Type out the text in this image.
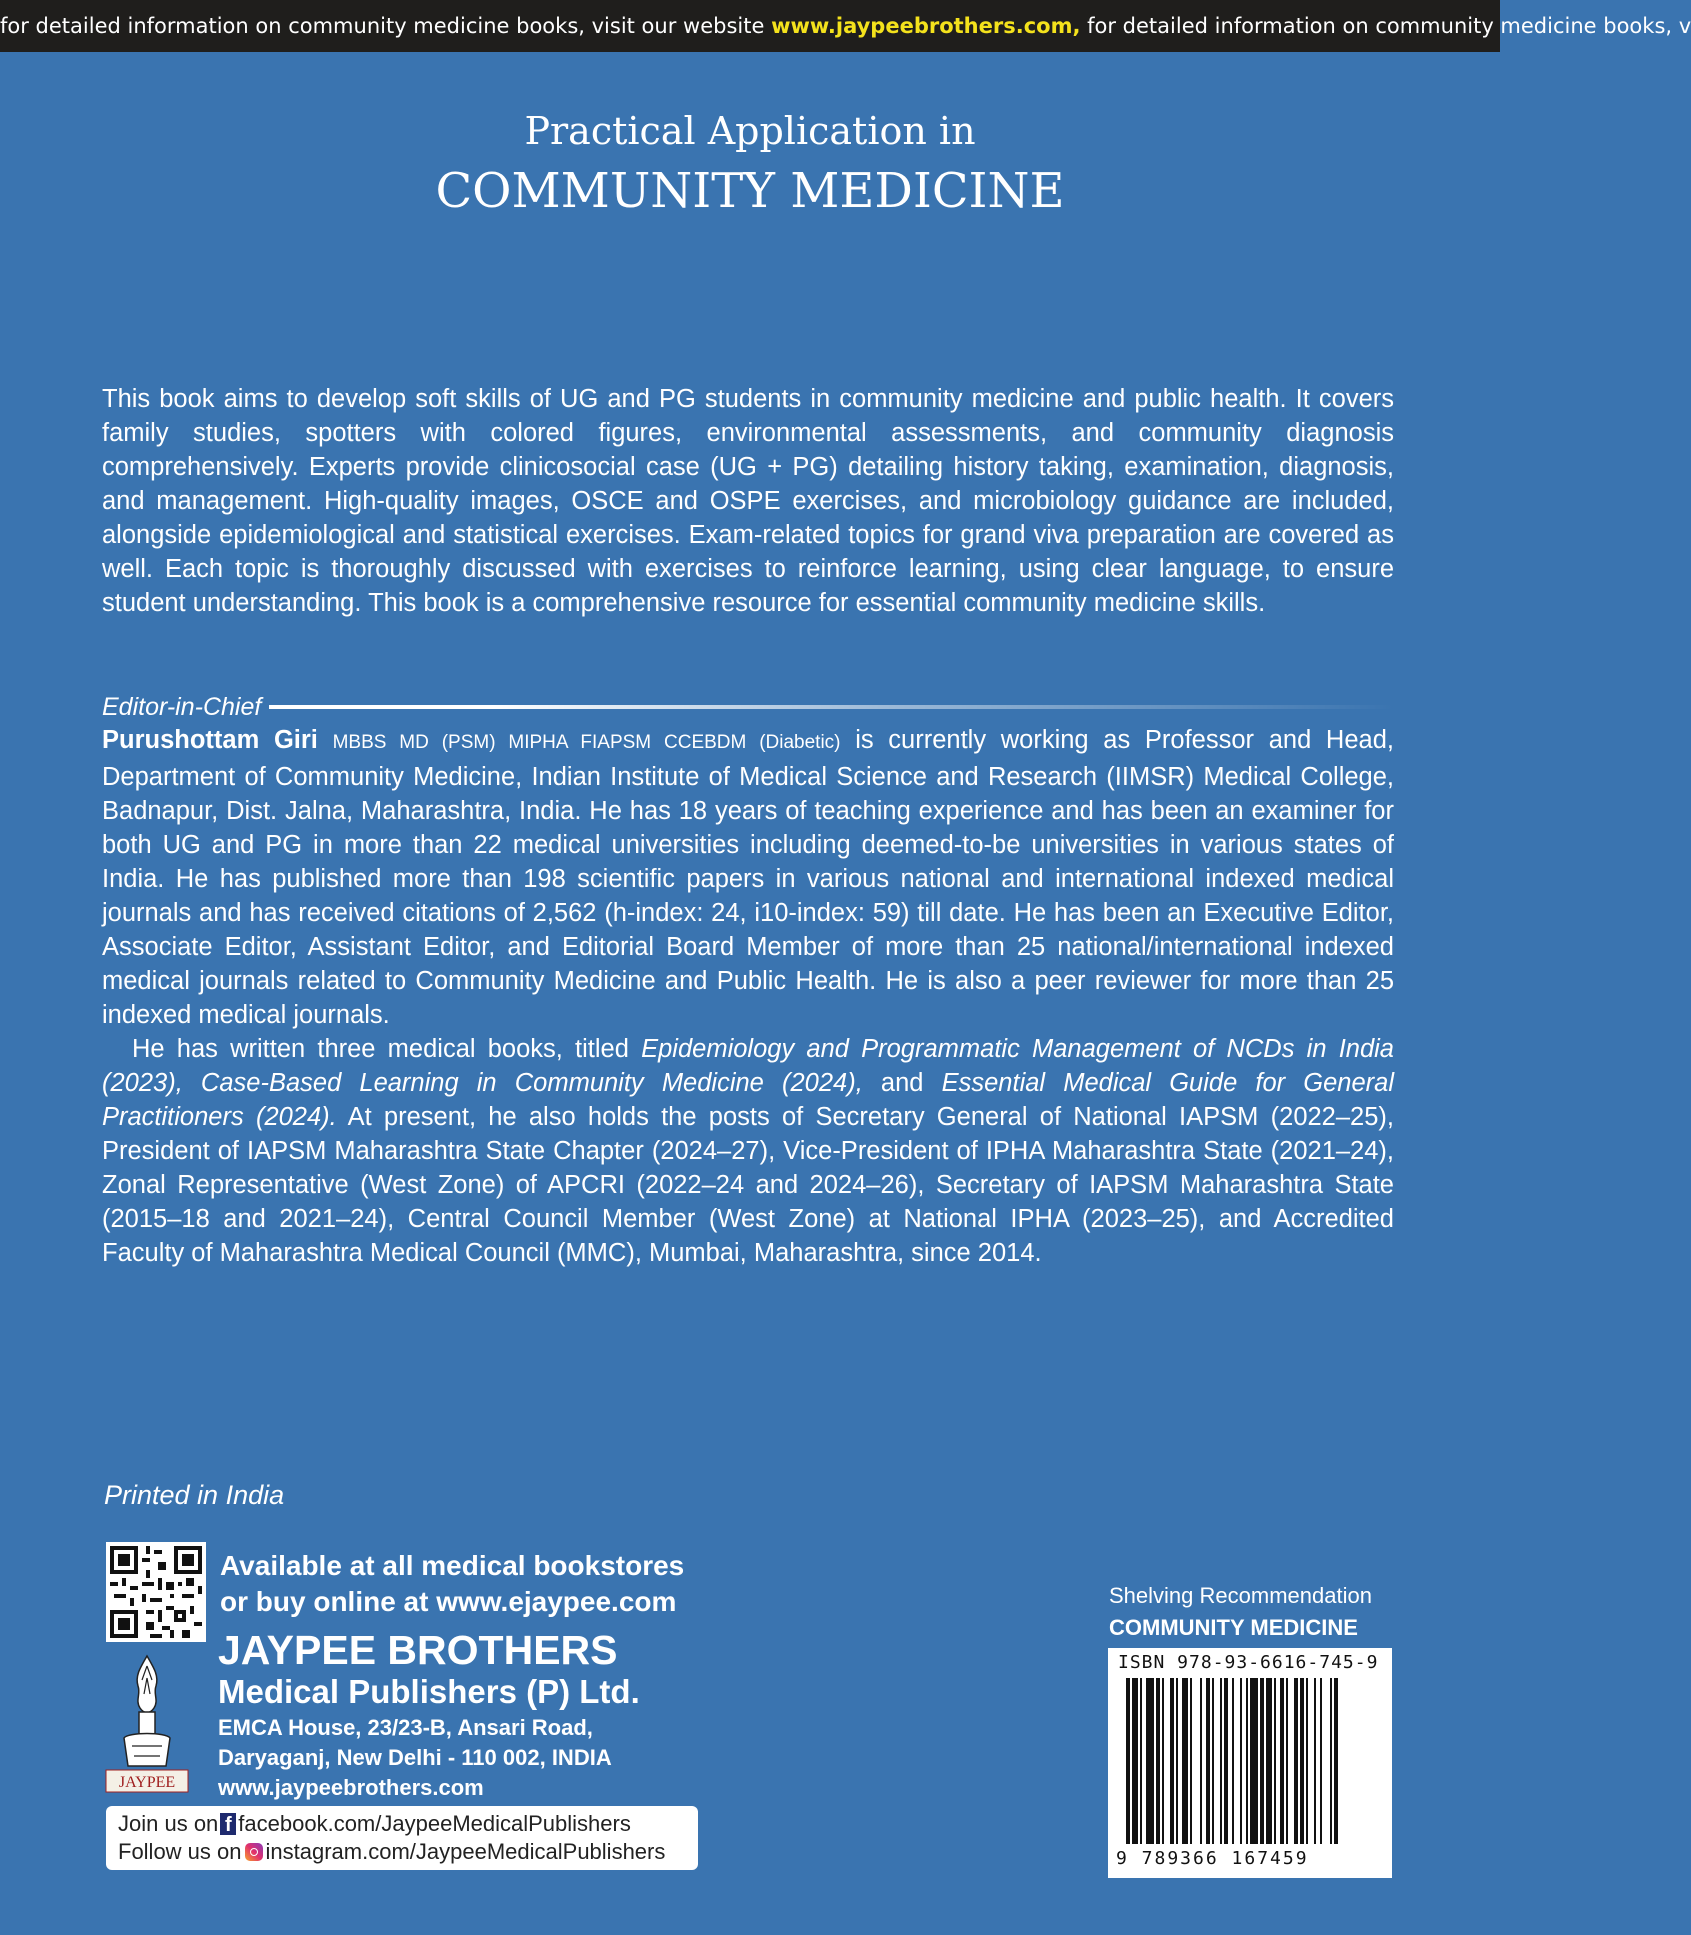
for detailed information on community medicine books, visit our website www.jaypeebrothers.com, for detailed information on community medicine books, v
Practical Application in
COMMUNITY MEDICINE
This book aims to develop soft skills of UG and PG students in community medicine and public health. It covers family studies, spotters with colored figures, environmental assessments, and community diagnosis comprehensively. Experts provide clinicosocial case (UG + PG) detailing history taking, examination, diagnosis, and management. High-quality images, OSCE and OSPE exercises, and microbiology guidance are included, alongside epidemiological and statistical exercises. Exam-related topics for grand viva preparation are covered as well. Each topic is thoroughly discussed with exercises to reinforce learning, using clear language, to ensure student understanding. This book is a comprehensive resource for essential community medicine skills.
Editor-in-Chief

Purushottam Giri MBBS MD (PSM) MIPHA FIAPSM CCEBDM (Diabetic) is currently working as Professor and Head, Department of Community Medicine, Indian Institute of Medical Science and Research (IIMSR) Medical College, Badnapur, Dist. Jalna, Maharashtra, India. He has 18 years of teaching experience and has been an examiner for both UG and PG in more than 22 medical universities including deemed-to-be universities in various states of India. He has published more than 198 scientific papers in various national and international indexed medical journals and has received citations of 2,562 (h-index: 24, i10-index: 59) till date. He has been an Executive Editor, Associate Editor, Assistant Editor, and Editorial Board Member of more than 25 national/international indexed medical journals related to Community Medicine and Public Health. He is also a peer reviewer for more than 25 indexed medical journals.

He has written three medical books, titled Epidemiology and Programmatic Management of NCDs in India (2023), Case-Based Learning in Community Medicine (2024), and Essential Medical Guide for General Practitioners (2024). At present, he also holds the posts of Secretary General of National IAPSM (2022–25), President of IAPSM Maharashtra State Chapter (2024–27), Vice-President of IPHA Maharashtra State (2021–24), Zonal Representative (West Zone) of APCRI (2022–24 and 2024–26), Secretary of IAPSM Maharashtra State (2015–18 and 2021–24), Central Council Member (West Zone) at National IPHA (2023–25), and Accredited Faculty of Maharashtra Medical Council (MMC), Mumbai, Maharashtra, since 2014.

Printed in India
Available at all medical bookstores
or buy online at www.ejaypee.com
JAYPEE
JAYPEE BROTHERS
Medical Publishers (P) Ltd.
EMCA House, 23/23-B, Ansari Road,
Daryaganj, New Delhi - 110 002, INDIA
www.jaypeebrothers.com
Join us on f facebook.com/JaypeeMedicalPublishers
Follow us on instagram.com/JaypeeMedicalPublishers
Shelving Recommendation
COMMUNITY MEDICINE
ISBN 978-93-6616-745-9
9 789366 167459
